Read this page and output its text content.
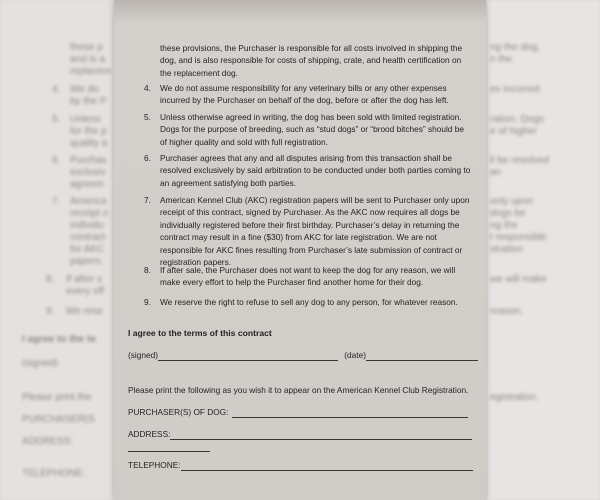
these p
and is a
replacem
4. We do
by the P
5. Unless
for the p
quality a
6. Purchas
exclusiv
agreem
7. America
receipt o
individu
contract
for AKC
papers.
8. If after s
every eff
9. We rese
I agree to the te
(signed)
Please print the
PURCHASER(S
ADDRESS:
TELEPHONE:
ng the dog,
n the
es incurred
ration. Dogs
e of higher
ll be resolved
an
only upon
dogs be
ng the
t responsible
stration
we will make
reason.
egistration.
these provisions, the Purchaser is responsible for all costs involved in shipping the dog, and is also responsible for costs of shipping, crate, and health certification on the replacement dog.
4. We do not assume responsibility for any veterinary bills or any other expenses incurred by the Purchaser on behalf of the dog, before or after the dog has left.
5. Unless otherwise agreed in writing, the dog has been sold with limited registration. Dogs for the purpose of breeding, such as “stud dogs” or “brood bitches” should be of higher quality and sold with full registration.
6. Purchaser agrees that any and all disputes arising from this transaction shall be resolved exclusively by said arbitration to be conducted under both parties coming to an agreement satisfying both parties.
7. American Kennel Club (AKC) registration papers will be sent to Purchaser only upon receipt of this contract, signed by Purchaser. As the AKC now requires all dogs be individually registered before their first birthday. Purchaser’s delay in returning the contract may result in a fine ($30) from AKC for late registration. We are not responsible for AKC fines resulting from Purchaser’s late submission of contract or registration papers.
8. If after sale, the Purchaser does not want to keep the dog for any reason, we will make every effort to help the Purchaser find another home for their dog.
9. We reserve the right to refuse to sell any dog to any person, for whatever reason.
I agree to the terms of this contract
(signed)	(date)
Please print the following as you wish it to appear on the American Kennel Club Registration.
PURCHASER(S) OF DOG:
ADDRESS:
TELEPHONE:
